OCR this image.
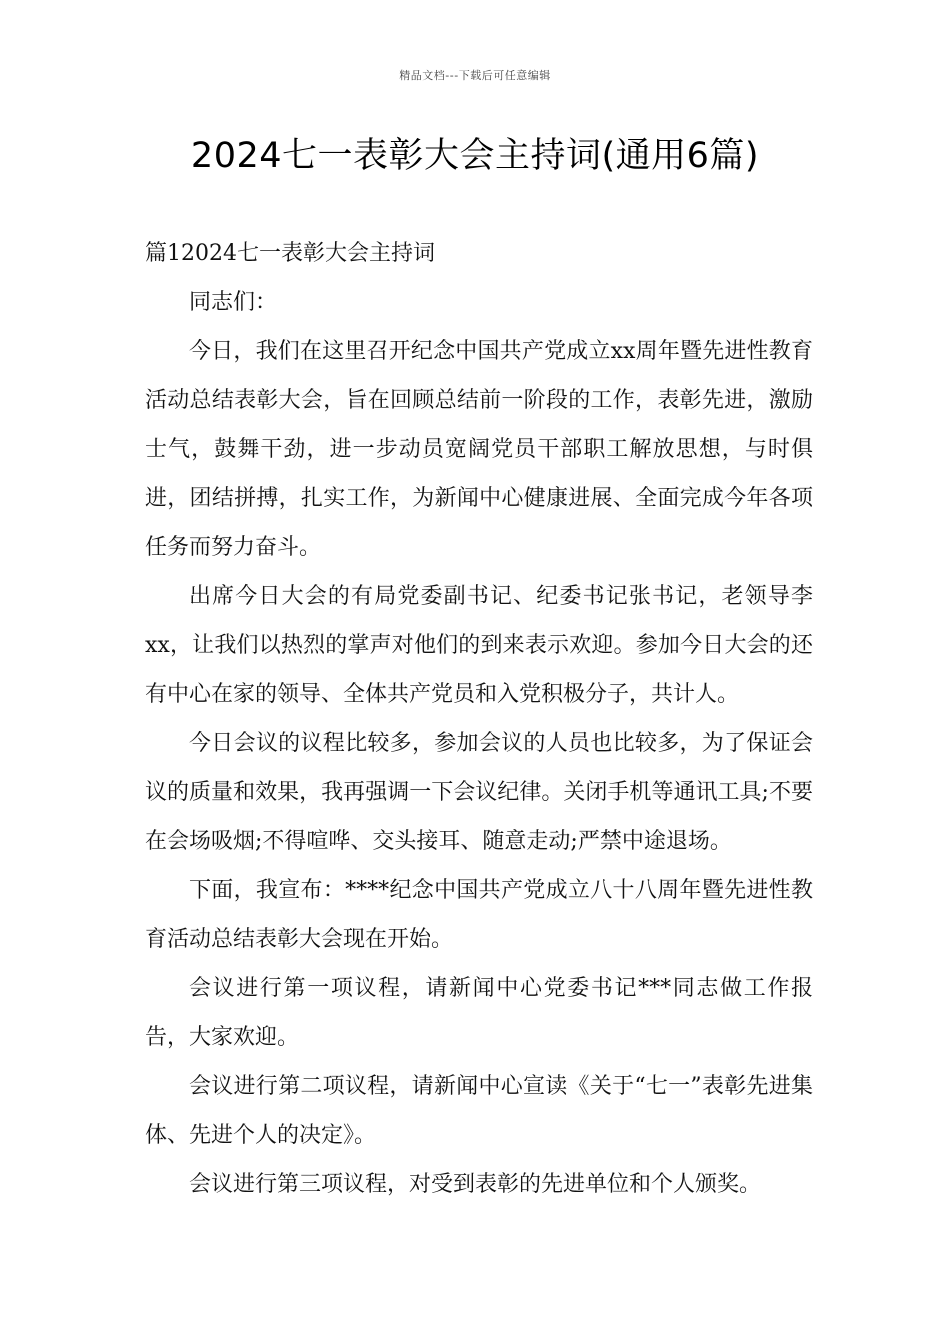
精品文档---下载后可任意编辑
2024七一表彰大会主持词(通用6篇)

篇12024七一表彰大会主持词

同志们：

今日，我们在这里召开纪念中国共产党成立xx周年暨先进性教育活动总结表彰大会，旨在回顾总结前一阶段的工作，表彰先进，激励士气，鼓舞干劲，进一步动员宽阔党员干部职工解放思想，与时俱进，团结拼搏，扎实工作，为新闻中心健康进展、全面完成今年各项任务而努力奋斗。

出席今日大会的有局党委副书记、纪委书记张书记，老领导李xx，让我们以热烈的掌声对他们的到来表示欢迎。参加今日大会的还有中心在家的领导、全体共产党员和入党积极分子，共计人。

今日会议的议程比较多，参加会议的人员也比较多，为了保证会议的质量和效果，我再强调一下会议纪律。关闭手机等通讯工具;不要在会场吸烟;不得喧哗、交头接耳、随意走动;严禁中途退场。

下面，我宣布：****纪念中国共产党成立八十八周年暨先进性教育活动总结表彰大会现在开始。

会议进行第一项议程，请新闻中心党委书记***同志做工作报告，大家欢迎。

会议进行第二项议程，请新闻中心宣读《关于“七一”表彰先进集体、先进个人的决定》。

会议进行第三项议程，对受到表彰的先进单位和个人颁奖。
